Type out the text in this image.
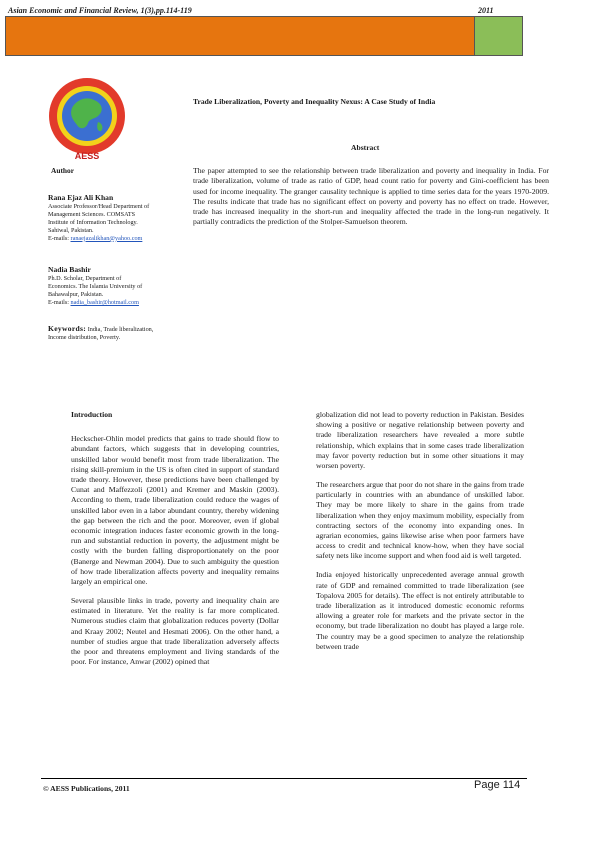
Asian Economic and Financial Review, 1(3),pp.114-119	2011
AESS
Trade Liberalization, Poverty and Inequality Nexus: A Case Study of India
Abstract
The paper attempted to see the relationship between trade liberalization and poverty and inequality in India. For trade liberalization, volume of trade as ratio of GDP, head count ratio for poverty and Gini-coefficient has been used for income inequality. The granger causality technique is applied to time series data for the years 1970-2009. The results indicate that trade has no significant effect on poverty and poverty has no effect on trade. However, trade has increased inequality in the short-run and inequality affected the trade in the long-run negatively. It partially contradicts the prediction of the Stolper-Samuelson theorem.
Author
Rana Ejaz Ali Khan
Associate Professor/Head Department of
Management Sciences. COMSATS
Institute of Information Technology.
Sahiwal, Pakistan.
E-mails: ranaejazalikhan@yahoo.com
Nadia Bashir
Ph.D. Scholar, Department of
Economics. The Islamia University of
Bahawalpur, Pakistan.
E-mails: nadia_bashir@hotmail.com
Keywords: India, Trade liberalization, Income distribution, Poverty.
Introduction

Heckscher-Ohlin model predicts that gains to trade should flow to abundant factors, which suggests that in developing countries, unskilled labor would benefit most from trade liberalization. The rising skill-premium in the US is often cited in support of standard trade theory. However, these predictions have been challenged by Cunat and Maffezzoli (2001) and Kremer and Maskin (2003). According to them, trade liberalization could reduce the wages of unskilled labor even in a labor abundant country, thereby widening the gap between the rich and the poor. Moreover, even if global economic integration induces faster economic growth in the long-run and substantial reduction in poverty, the adjustment might be costly with the burden falling disproportionately on the poor (Banerge and Newman 2004). Due to such ambiguity the question of how trade liberalization affects poverty and inequality remains largely an empirical one.

Several plausible links in trade, poverty and inequality chain are estimated in literature. Yet the reality is far more complicated. Numerous studies claim that globalization reduces poverty (Dollar and Kraay 2002; Neutel and Hesmati 2006). On the other hand, a number of studies argue that trade liberalization adversely affects the poor and threatens employment and living standards of the poor. For instance, Anwar (2002) opined that

globalization did not lead to poverty reduction in Pakistan. Besides showing a positive or negative relationship between poverty and trade liberalization researchers have revealed a more subtle relationship, which explains that in some cases trade liberalization may favor poverty reduction but in some other situations it may worsen poverty.

The researchers argue that poor do not share in the gains from trade particularly in countries with an abundance of unskilled labor. They may be more likely to share in the gains from trade liberalization when they enjoy maximum mobility, especially from contracting sectors of the economy into expanding ones. In agrarian economies, gains likewise arise when poor farmers have access to credit and technical know-how, when they have social safety nets like income support and when food aid is well targeted.

India enjoyed historically unprecedented average annual growth rate of GDP and remained committed to trade liberalization (see Topalova 2005 for details). The effect is not entirely attributable to trade liberalization as it introduced domestic economic reforms allowing a greater role for markets and the private sector in the economy, but trade liberalization no doubt has played a large role. The country may be a good specimen to analyze the relationship between trade

© AESS Publications, 2011	Page 114
